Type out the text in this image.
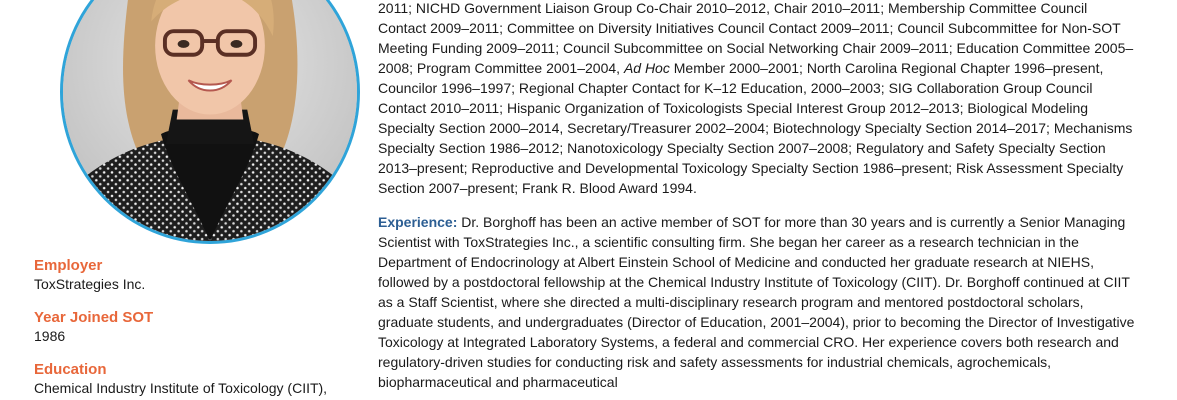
Employer
ToxStrategies Inc.
Year Joined SOT
1986
Education
Chemical Industry Institute of Toxicology (CIIT),

2011; NICHD Government Liaison Group Co-Chair 2010–2012, Chair 2010–2011; Membership Committee Council Contact 2009–2011; Committee on Diversity Initiatives Council Contact 2009–2011; Council Subcommittee for Non-SOT Meeting Funding 2009–2011; Council Subcommittee on Social Networking Chair 2009–2011; Education Committee 2005–2008; Program Committee 2001–2004, Ad Hoc Member 2000–2001; North Carolina Regional Chapter 1996–present, Councilor 1996–1997; Regional Chapter Contact for K–12 Education, 2000–2003; SIG Collaboration Group Council Contact 2010–2011; Hispanic Organization of Toxicologists Special Interest Group 2012–2013; Biological Modeling Specialty Section 2000–2014, Secretary/Treasurer 2002–2004; Biotechnology Specialty Section 2014–2017; Mechanisms Specialty Section 1986–2012; Nanotoxicology Specialty Section 2007–2008; Regulatory and Safety Specialty Section 2013–present; Reproductive and Developmental Toxicology Specialty Section 1986–present; Risk Assessment Specialty Section 2007–present; Frank R. Blood Award 1994.

Experience: Dr. Borghoff has been an active member of SOT for more than 30 years and is currently a Senior Managing Scientist with ToxStrategies Inc., a scientific consulting firm. She began her career as a research technician in the Department of Endocrinology at Albert Einstein School of Medicine and conducted her graduate research at NIEHS, followed by a postdoctoral fellowship at the Chemical Industry Institute of Toxicology (CIIT). Dr. Borghoff continued at CIIT as a Staff Scientist, where she directed a multi-disciplinary research program and mentored postdoctoral scholars, graduate students, and undergraduates (Director of Education, 2001–2004), prior to becoming the Director of Investigative Toxicology at Integrated Laboratory Systems, a federal and commercial CRO. Her experience covers both research and regulatory-driven studies for conducting risk and safety assessments for industrial chemicals, agrochemicals, biopharmaceutical and pharmaceutical
